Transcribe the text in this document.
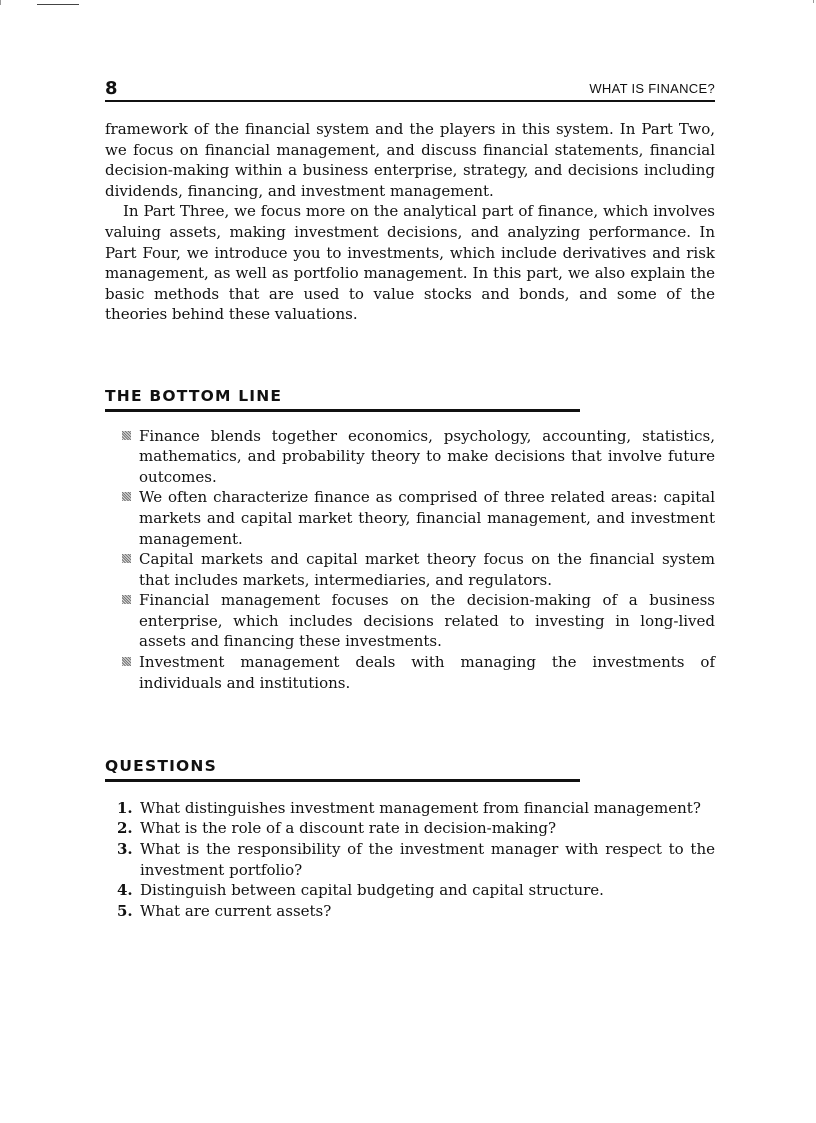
8	WHAT IS FINANCE?

framework of the financial system and the players in this system. In Part Two, we focus on financial management, and discuss financial statements, financial decision-making within a business enterprise, strategy, and decisions including dividends, financing, and investment management.

In Part Three, we focus more on the analytical part of finance, which involves valuing assets, making investment decisions, and analyzing performance. In Part Four, we introduce you to investments, which include derivatives and risk management, as well as portfolio management. In this part, we also explain the basic methods that are used to value stocks and bonds, and some of the theories behind these valuations.

THE BOTTOM LINE
Finance blends together economics, psychology, accounting, statistics, mathematics, and probability theory to make decisions that involve future outcomes.
We often characterize finance as comprised of three related areas: capital markets and capital market theory, financial management, and investment management.
Capital markets and capital market theory focus on the financial system that includes markets, intermediaries, and regulators.
Financial management focuses on the decision-making of a business enterprise, which includes decisions related to investing in long-lived assets and financing these investments.
Investment management deals with managing the investments of individuals and institutions.
QUESTIONS
1. What distinguishes investment management from financial management?
2. What is the role of a discount rate in decision-making?
3. What is the responsibility of the investment manager with respect to the investment portfolio?
4. Distinguish between capital budgeting and capital structure.
5. What are current assets?
